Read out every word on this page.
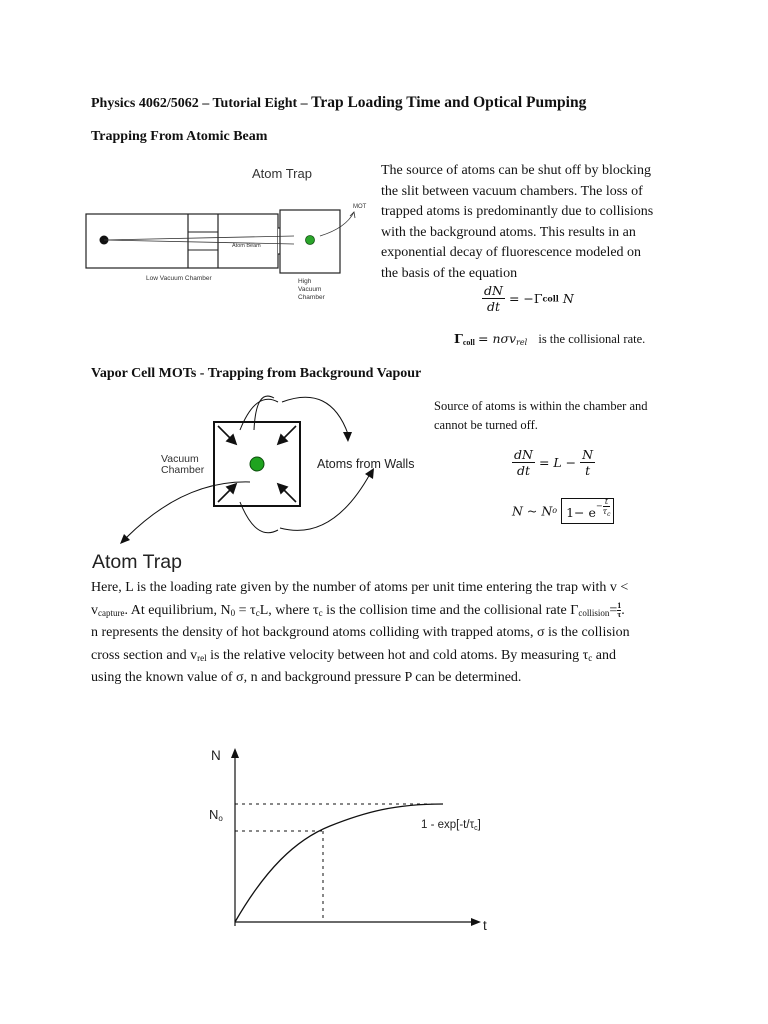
Physics 4062/5062 – Tutorial Eight – Trap Loading Time and Optical Pumping
Trapping From Atomic Beam
Atom Trap
Atom Beam
MOT
Low Vacuum Chamber	High
Vacuum
Chamber
The source of atoms can be shut off by blocking
the slit between vacuum chambers. The loss of
trapped atoms is predominantly due to collisions
with the background atoms. This results in an
exponential decay of fluorescence modeled on
the basis of the equation
$\frac{dN}{dt}$ = −Γcoll N
$\Gamma_{coll} = n\sigma v_{rel}$ is the collisional rate.
Vapor Cell MOTs - Trapping from Background Vapour
Vacuum
Chamber	Atoms from Walls
Atom Trap
Source of atoms is within the chamber and
cannot be turned off.
$\frac{dN}{dt} = L - \frac{N}{t}$
N ~ No $1- e- \frac{t}{\tau_c}$
Here, L is the loading rate given by the number of atoms per unit time entering the trap with v <
$v_{capture}$. At equilibrium, $N_0 = \tau_cL$, where $\tau_c$ is the collision time and the collisional rate $\Gamma_{collision}= \frac{1}{\tau}$ .
n represents the density of hot background atoms colliding with trapped atoms, σ is the collision
cross section and $v_{rel}$ is the relative velocity between hot and cold atoms. By measuring $\tau_c$ and
using the known value of σ, n and background pressure P can be determined.
N
t
No
1 - exp[-t/τc]
